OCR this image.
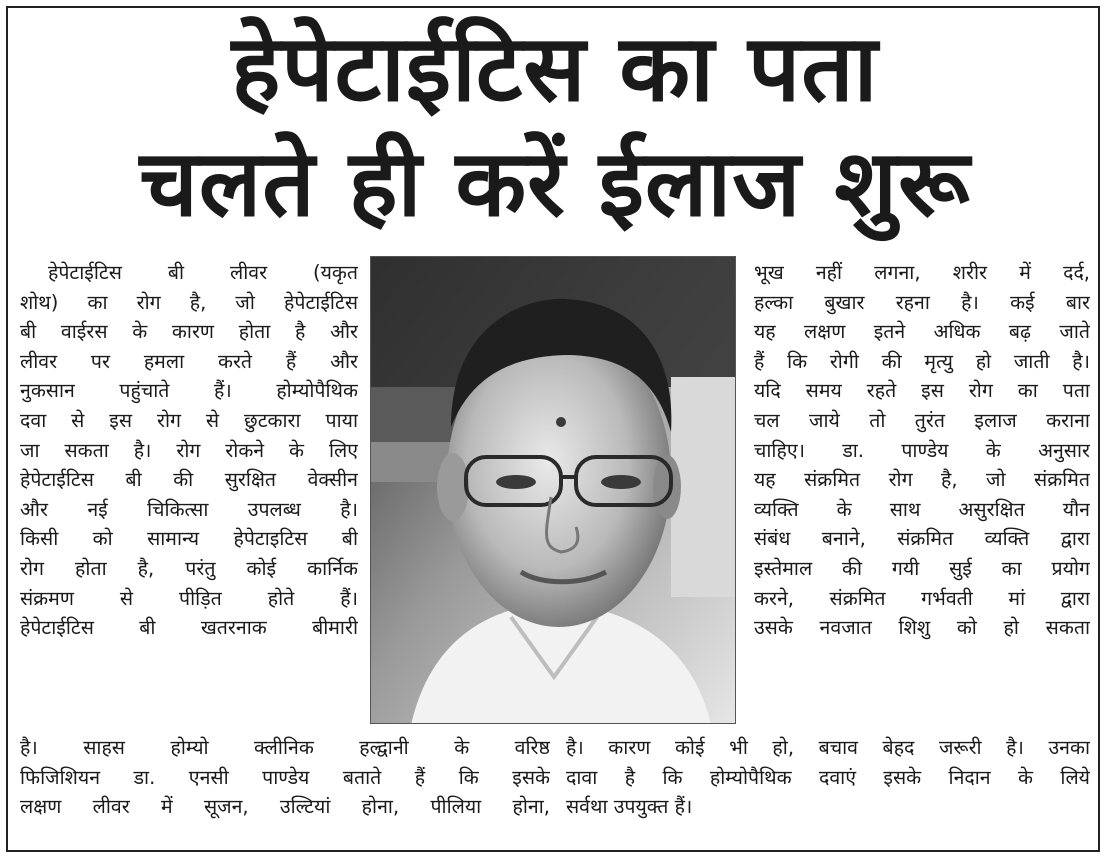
हेपेटाईटिस का पता
चलते ही करें ईलाज शुरू
हेपेटाईटिस बी लीवर (यकृत
शोथ) का रोग है, जो हेपेटाईटिस
बी वाईरस के कारण होता है और
लीवर पर हमला करते हैं और
नुकसान पहुंचाते हैं। होम्योपैथिक
दवा से इस रोग से छुटकारा पाया
जा सकता है। रोग रोकने के लिए
हेपेटाईटिस बी की सुरक्षित वेक्सीन
और नई चिकित्सा उपलब्ध है।
किसी को सामान्य हेपेटाइटिस बी
रोग होता है, परंतु कोई कार्निक
संक्रमण से पीड़ित होते हैं।
हेपेटाईटिस बी खतरनाक बीमारी
भूख नहीं लगना, शरीर में दर्द,
हल्का बुखार रहना है। कई बार
यह लक्षण इतने अधिक बढ़ जाते
हैं कि रोगी की मृत्यु हो जाती है।
यदि समय रहते इस रोग का पता
चल जाये तो तुरंत इलाज कराना
चाहिए। डा. पाण्डेय के अनुसार
यह संक्रमित रोग है, जो संक्रमित
व्यक्ति के साथ असुरक्षित यौन
संबंध बनाने, संक्रमित व्यक्ति द्वारा
इस्तेमाल की गयी सुई का प्रयोग
करने, संक्रमित गर्भवती मां द्वारा
उसके नवजात शिशु को हो सकता
है। साहस होम्यो क्लीनिक हल्द्वानी के वरिष्ठ
फिजिशियन डा. एनसी पाण्डेय बताते हैं कि इसके
लक्षण लीवर में सूजन, उल्टियां होना, पीलिया होना,
है। कारण कोई भी हो, बचाव बेहद जरूरी है। उनका
दावा है कि होम्योपैथिक दवाएं इसके निदान के लिये
सर्वथा उपयुक्त हैं।
